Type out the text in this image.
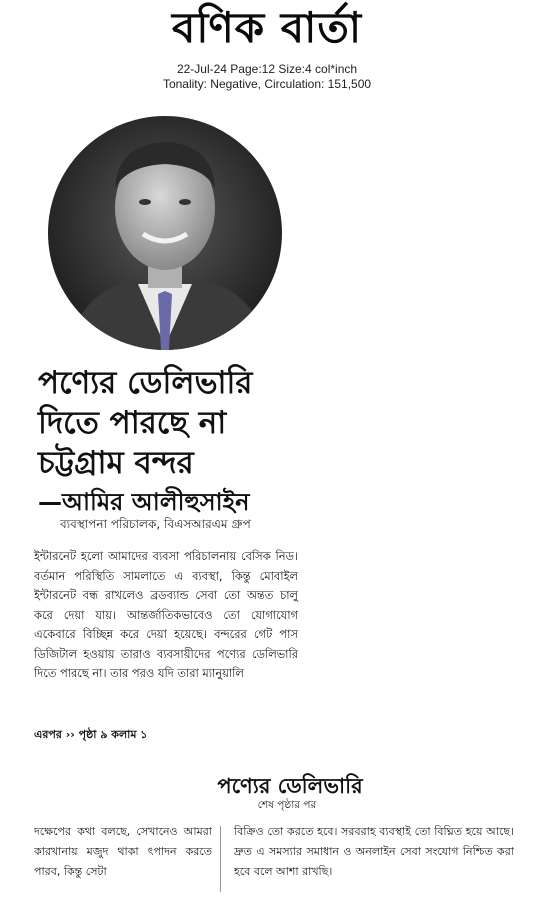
বণিক বার্তা
22-Jul-24 Page:12 Size:4 col*inch
Tonality: Negative, Circulation: 151,500
পণ্যের ডেলিভারি
দিতে পারছে না
চট্টগ্রাম বন্দর
—আমির আলীহুসাইন
ব্যবস্থাপনা পরিচালক, বিএসআরএম গ্রুপ
ইন্টারনেট হলো আমাদের ব্যবসা পরিচালনায় বেসিক নিড। বর্তমান পরিস্থিতি সামলাতে এ ব্যবস্থা, কিন্তু মোবাইল ইন্টারনেট বন্ধ রাখলেও ব্রডব্যান্ড সেবা তো অন্তত চালু করে দেয়া যায়। আন্তর্জাতিকভাবেও তো যোগাযোগ একেবারে বিচ্ছিন্ন করে দেয়া হয়েছে। বন্দরের গেট পাস ডিজিটাল হওয়ায় তারাও ব্যবসায়ীদের পণ্যের ডেলিভারি দিতে পারছে না। তার পরও যদি তারা ম্যানুয়ালি
এরপর ›› পৃষ্ঠা ৯ কলাম ১
পণ্যের ডেলিভারি
শেষ পৃষ্ঠার পর
দক্ষেপের কথা বলছে, সেখানেও আমরা কারখানায় মজুদ থাকা ৎপাদন করতে পারব, কিন্তু সেটা
বিক্রিও তো করতে হবে। সরবরাহ ব্যবস্থাই তো বিঘ্নিত হয়ে আছে। দ্রুত এ সমস্যার সমাধান ও অনলাইন সেবা সংযোগ নিশ্চিত করা হবে বলে আশা রাখছি।
